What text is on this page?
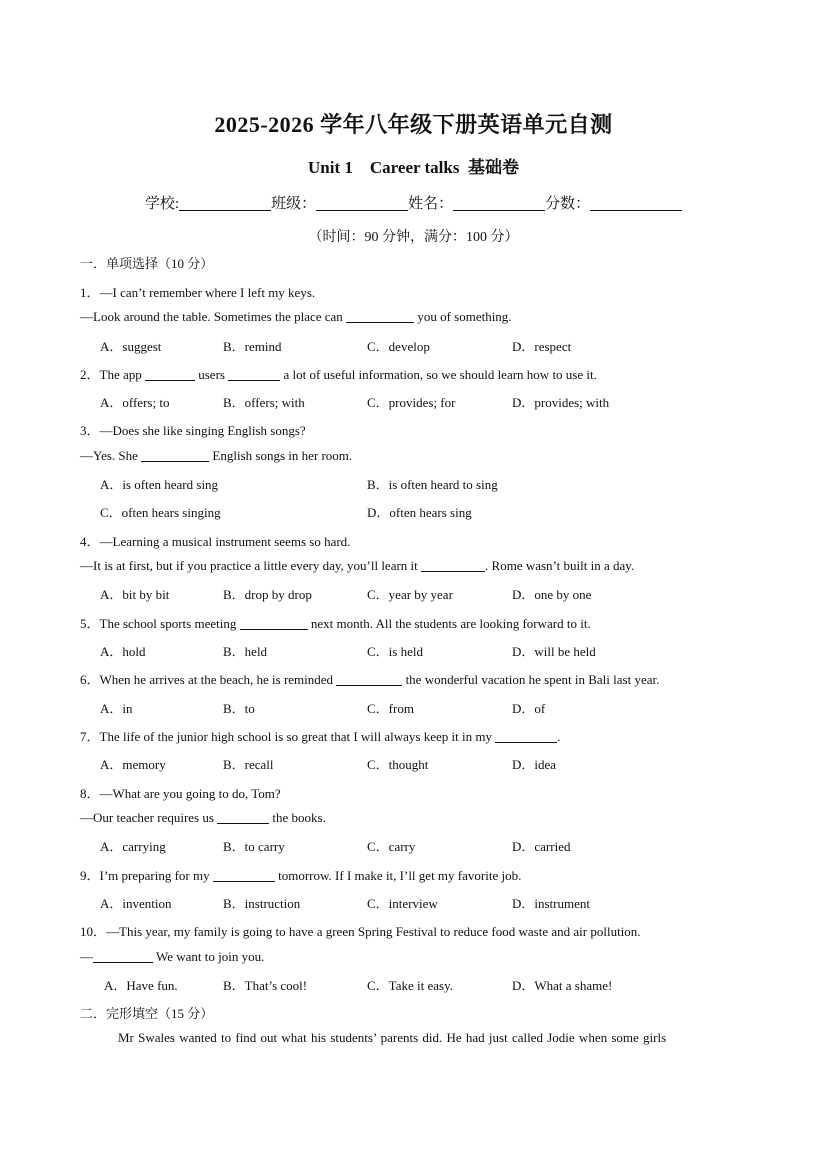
2025-2026 学年八年级下册英语单元自测
Unit 1    Career talks  基础卷
学校:	班级：	姓名：	分数：
（时间：90 分钟，满分：100 分）
一．单项选择（10 分）
1．—I can’t remember where I left my keys.
—Look around the table. Sometimes the place can	you of something.
A．suggest	B．remind	C．develop	D．respect
2．The app	users	a lot of useful information, so we should learn how to use it.
A．offers; to	B．offers; with	C．provides; for	D．provides; with
3．—Does she like singing English songs?
—Yes. She	English songs in her room.
A．is often heard sing	B．is often heard to sing
C．often hears singing	D．often hears sing
4．—Learning a musical instrument seems so hard.
—It is at first, but if you practice a little every day, you’ll learn it	. Rome wasn’t built in a day.
A．bit by bit	B．drop by drop	C．year by year	D．one by one
5．The school sports meeting	next month. All the students are looking forward to it.
A．hold	B．held	C．is held	D．will be held
6．When he arrives at the beach, he is reminded	the wonderful vacation he spent in Bali last year.
A．in	B．to	C．from	D．of
7．The life of the junior high school is so great that I will always keep it in my	.
A．memory	B．recall	C．thought	D．idea
8．—What are you going to do, Tom?
—Our teacher requires us	the books.
A．carrying	B．to carry	C．carry	D．carried
9．I’m preparing for my	tomorrow. If I make it, I’ll get my favorite job.
A．invention	B．instruction	C．interview	D．instrument
10．—This year, my family is going to have a green Spring Festival to reduce food waste and air pollution.
—	We want to join you.
A．Have fun.	B．That’s cool!	C．Take it easy.	D．What a shame!
二．完形填空（15 分）
Mr Swales wanted to find out what his students’ parents did. He had just called Jodie when some girls
